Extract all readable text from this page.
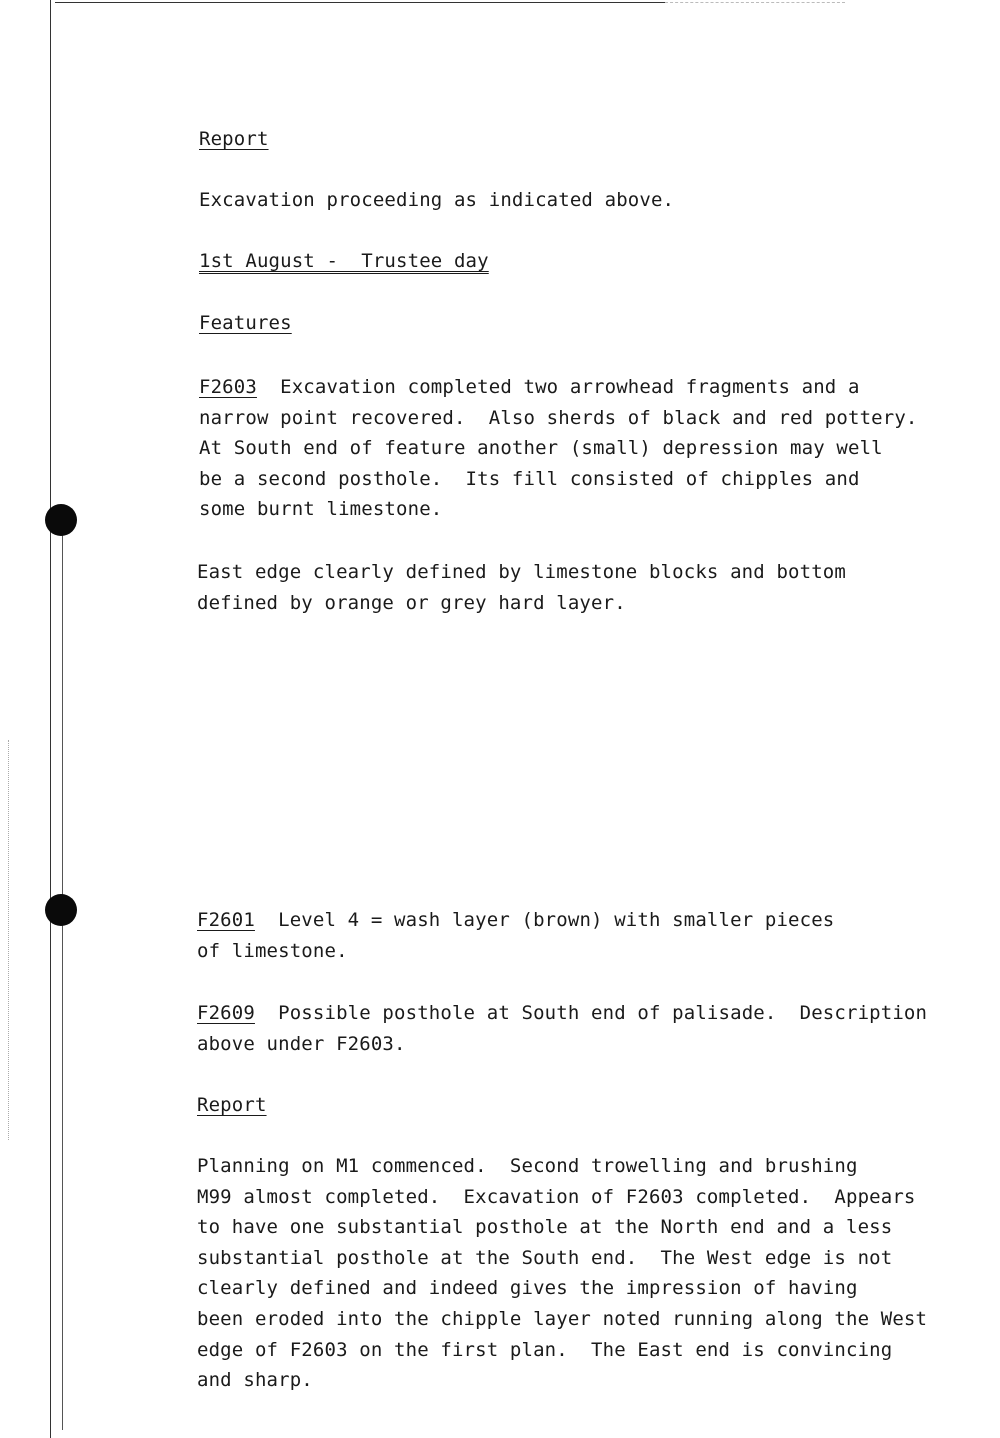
Report
Excavation proceeding as indicated above.
1st August -  Trustee day
Features
F2603  Excavation completed two arrowhead fragments and a
narrow point recovered.  Also sherds of black and red pottery.
At South end of feature another (small) depression may well
be a second posthole.  Its fill consisted of chipples and
some burnt limestone.
East edge clearly defined by limestone blocks and bottom
defined by orange or grey hard layer.
F2601  Level 4 = wash layer (brown) with smaller pieces
of limestone.
F2609  Possible posthole at South end of palisade.  Description
above under F2603.
Report
Planning on M1 commenced.  Second trowelling and brushing
M99 almost completed.  Excavation of F2603 completed.  Appears
to have one substantial posthole at the North end and a less
substantial posthole at the South end.  The West edge is not
clearly defined and indeed gives the impression of having
been eroded into the chipple layer noted running along the West
edge of F2603 on the first plan.  The East end is convincing
and sharp.
